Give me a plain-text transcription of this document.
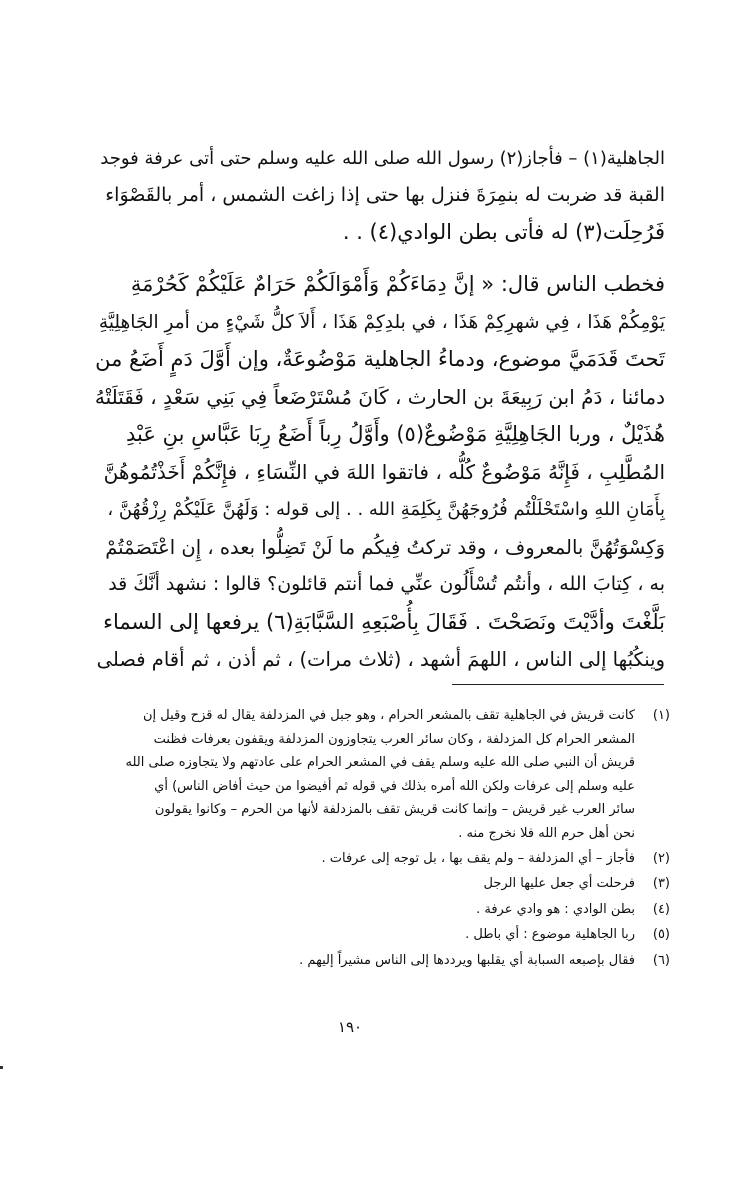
الجاهلية(١) – فأجاز(٢) رسول الله صلى الله عليه وسلم حتى أتى عرفة فوجد
القبة قد ضربت له بنمِرَةَ فنزل بها حتى إذا زاغت الشمس ، أمر بالقَصْوَاء
فَرُحِلَت(٣) له فأتى بطن الوادي(٤) . .
فخطب الناس قال: « إنَّ دِمَاءَكُمْ وَأَمْوَالَكُمْ حَرَامٌ عَلَيْكُمْ كَحُرْمَةِ
يَوْمِكُمْ هَذَا ، فِي شهرِكِمْ هَذَا ، في بلدِكِمْ هَذَا ، أَلاَ كلُّ شَيْءٍ من أمرِ الجَاهِلِيَّةِ
تَحتَ قَدَمَيَّ موضوع، ودماءُ الجاهلية مَوْضُوعَةٌ، وإن أَوَّلَ دَمٍ أَضَعُ من
دمائنا ، دَمُ ابن رَبِيعَةَ بن الحارث ، كَانَ مُسْتَرْضَعاً فِي بَنِي سَعْدٍ ، فَقَتَلَتْهُ
هُذَيْلٌ ، وربا الجَاهِلِيَّةِ مَوْضُوعٌ(٥) وأَوَّلُ رِباً أَضَعُ رِبَا عَبَّاسِ بنِ عَبْدِ
المُطَّلِبِ ، فَإِنَّهُ مَوْضُوعٌ كُلُّه ، فاتقوا اللهَ في النِّسَاءِ ، فإِنَّكُمْ أَخَذْتُمُوهُنَّ
بِأَمَانِ اللهِ واسْتَحْلَلْتُم فُرُوجَهُنَّ بِكَلِمَةِ الله . . إلى قوله : وَلَهُنَّ عَلَيْكُمْ رِزْقُهُنَّ ،
وَكِسْوَتُهُنَّ بالمعروف ، وقد تركتُ فِيكُم ما لَنْ تَضِلُّوا بعده ، إِن اعْتَصَمْتُمْ
به ، كِتابَ الله ، وأنتُم تُسْأَلُون عنِّي فما أنتم قائلون؟ قالوا : نشهد أنَّكَ قد
بَلَّغْتَ وأدَّيْتَ ونَصَحْتَ . فَقَالَ بِأُصْبَعِهِ السَّبَّابَةِ(٦) يرفعها إلى السماء
وينكُبُها إلى الناس ، اللهمَ أشهد ، (ثلاث مرات) ، ثم أذن ، ثم أقام فصلى
(١)
كانت قريش في الجاهلية تقف بالمشعر الحرام ، وهو جبل في المزدلفة يقال له قزح وقيل إن
المشعر الحرام كل المزدلفة ، وكان سائر العرب يتجاوزون المزدلفة ويقفون بعرفات فظنت
قريش أن النبي صلى الله عليه وسلم يقف في المشعر الحرام على عادتهم ولا يتجاوزه صلى الله
عليه وسلم إلى عرفات ولكن الله أمره بذلك في قوله ثم أفيضوا من حيث أفاض الناس) أي
سائر العرب غير قريش – وإنما كانت قريش تقف بالمزدلفة لأنها من الحرم – وكانوا يقولون
نحن أهل حرم الله فلا نخرج منه .
(٢)
فأجاز – أي المزدلفة – ولم يقف بها ، بل توجه إلى عرفات .
(٣)
فرحلت أي جعل عليها الرجل
(٤)
بطن الوادي : هو وادي عرفة .
(٥)
ربا الجاهلية موضوع : أي باطل .
(٦)
فقال بإصبعه السبابة أي يقلبها ويرددها إلى الناس مشيراً إليهم .
١٩٠
